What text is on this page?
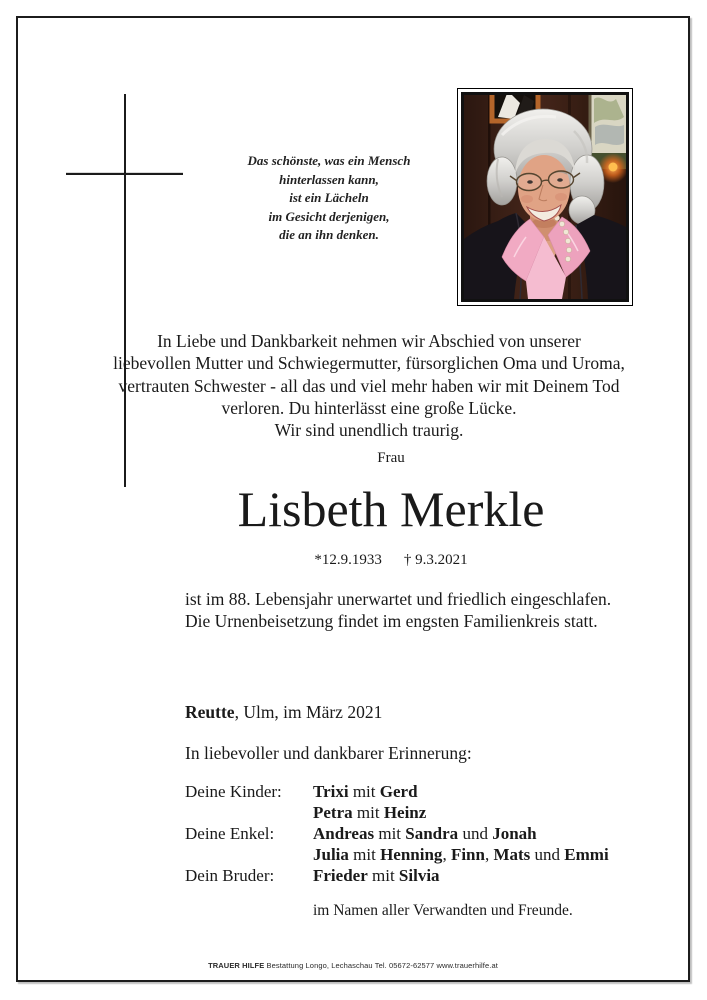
Das schönste, was ein Mensch
hinterlassen kann,
ist ein Lächeln
im Gesicht derjenigen,
die an ihn denken.
In Liebe und Dankbarkeit nehmen wir Abschied von unserer
liebevollen Mutter und Schwiegermutter, fürsorglichen Oma und Uroma,
vertrauten Schwester - all das und viel mehr haben wir mit Deinem Tod
verloren. Du hinterlässt eine große Lücke.
Wir sind unendlich traurig.
Frau
Lisbeth Merkle
*12.9.1933 † 9.3.2021
ist im 88. Lebensjahr unerwartet und friedlich eingeschlafen.
Die Urnenbeisetzung findet im engsten Familienkreis statt.
Reutte, Ulm, im März 2021
In liebevoller und dankbarer Erinnerung:
Deine Kinder:	Trixi mit Gerd
Petra mit Heinz
Deine Enkel:	Andreas mit Sandra und Jonah
Julia mit Henning, Finn, Mats und Emmi
Dein Bruder:	Frieder mit Silvia
im Namen aller Verwandten und Freunde.
TRAUER HILFE Bestattung Longo, Lechaschau Tel. 05672-62577 www.trauerhilfe.at
